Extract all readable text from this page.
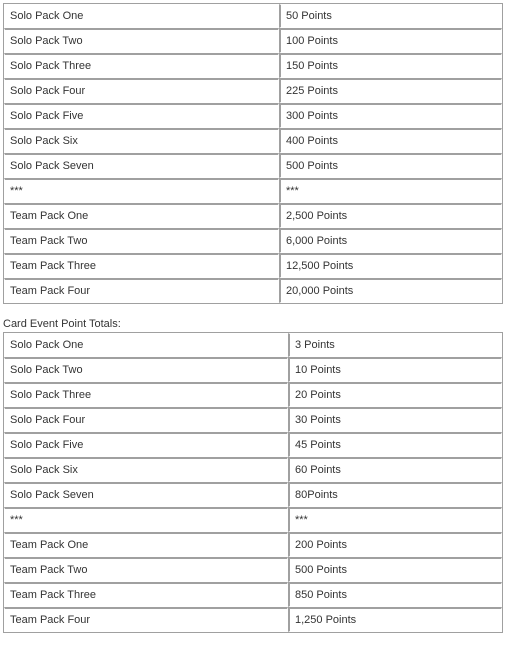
Solo Pack One	50 Points
Solo Pack Two	100 Points
Solo Pack Three	150 Points
Solo Pack Four	225 Points
Solo Pack Five	300 Points
Solo Pack Six	400 Points
Solo Pack Seven	500 Points
***	***
Team Pack One	2,500 Points
Team Pack Two	6,000 Points
Team Pack Three	12,500 Points
Team Pack Four	20,000 Points
Card Event Point Totals:
Solo Pack One	3 Points
Solo Pack Two	10 Points
Solo Pack Three	20 Points
Solo Pack Four	30 Points
Solo Pack Five	45 Points
Solo Pack Six	60 Points
Solo Pack Seven	80Points
***	***
Team Pack One	200 Points
Team Pack Two	500 Points
Team Pack Three	850 Points
Team Pack Four	1,250 Points
